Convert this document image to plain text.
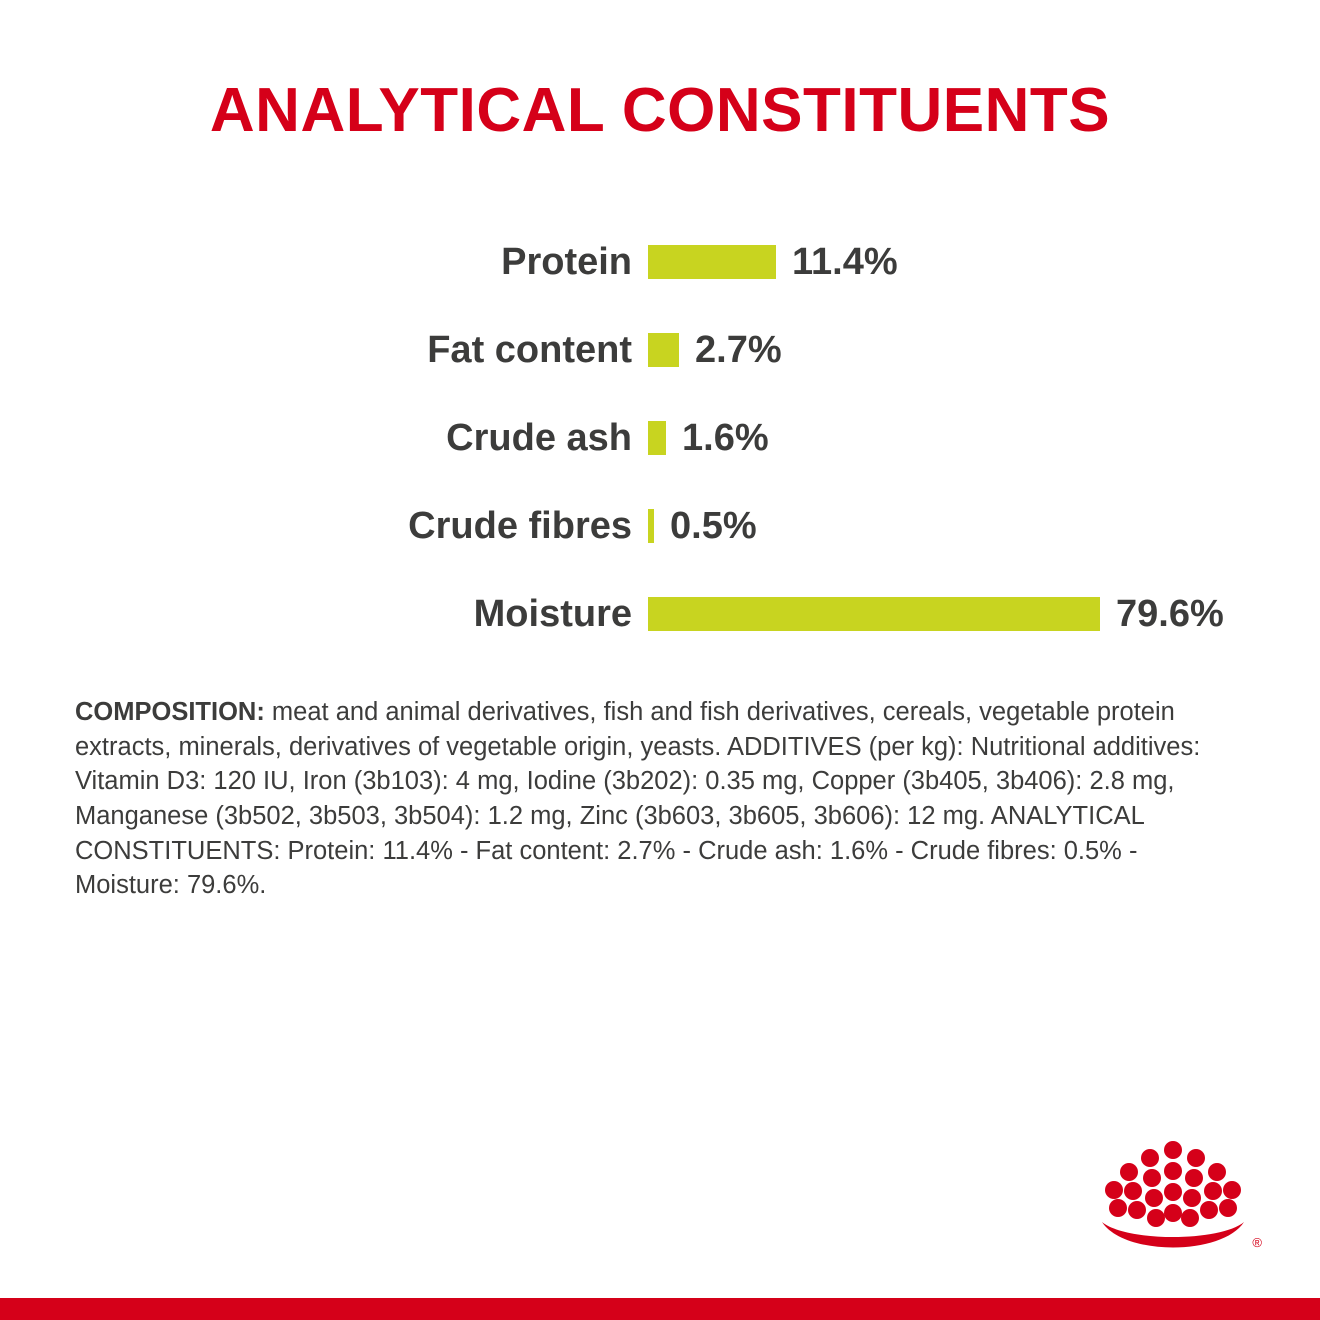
ANALYTICAL CONSTITUENTS
Protein	11.4%
Fat content	2.7%
Crude ash	1.6%
Crude fibres	0.5%
Moisture	79.6%
COMPOSITION: meat and animal derivatives, fish and fish derivatives, cereals, vegetable protein extracts, minerals, derivatives of vegetable origin, yeasts. ADDITIVES (per kg): Nutritional additives: Vitamin D3: 120 IU, Iron (3b103): 4 mg, Iodine (3b202): 0.35 mg, Copper (3b405, 3b406): 2.8 mg, Manganese (3b502, 3b503, 3b504): 1.2 mg, Zinc (3b603, 3b605, 3b606): 12 mg. ANALYTICAL CONSTITUENTS: Protein: 11.4% - Fat content: 2.7% - Crude ash: 1.6% - Crude fibres: 0.5% - Moisture: 79.6%.
®
